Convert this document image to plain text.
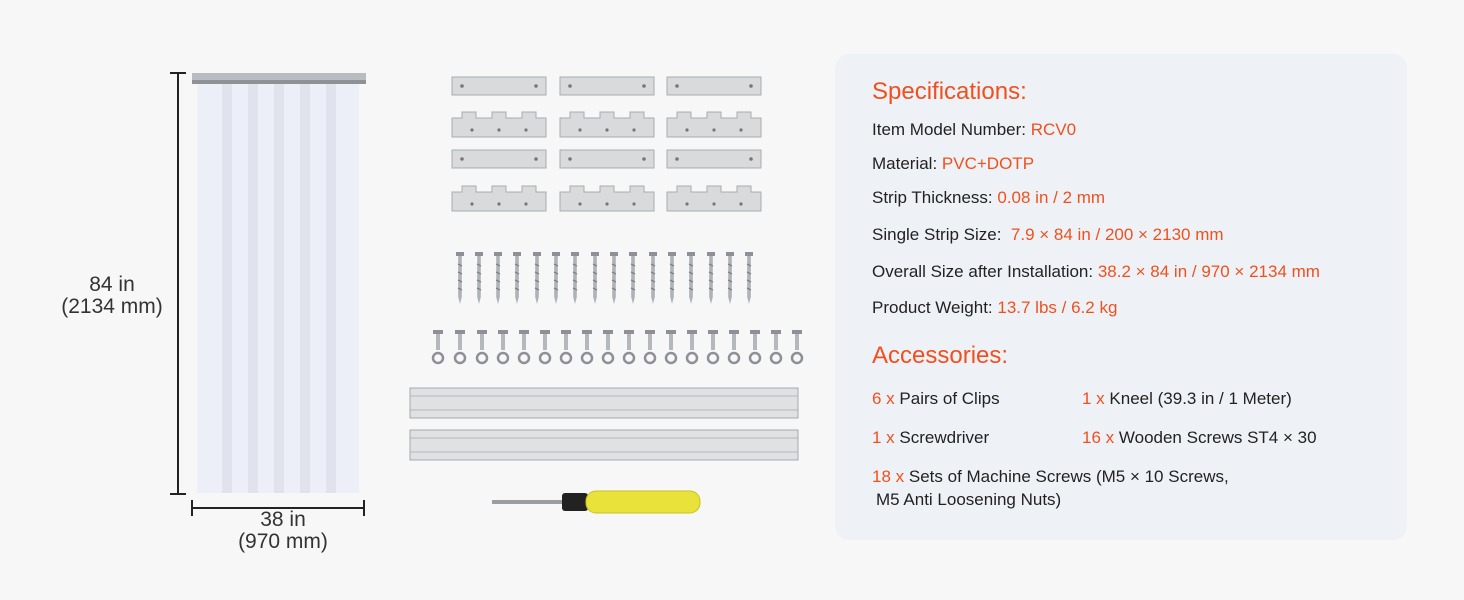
84 in
(2134 mm)
38 in
(970 mm)
Specifications:
Item Model Number: RCV0
Material: PVC+DOTP
Strip Thickness: 0.08 in / 2 mm
Single Strip Size: 7.9 × 84 in / 200 × 2130 mm
Overall Size after Installation: 38.2 × 84 in / 970 × 2134 mm
Product Weight: 13.7 lbs / 6.2 kg
Accessories:
6 x Pairs of Clips	1 x Kneel (39.3 in / 1 Meter)
1 x Screwdriver	16 x Wooden Screws ST4 × 30
18 x Sets of Machine Screws (M5 × 10 Screws,
M5 Anti Loosening Nuts)
